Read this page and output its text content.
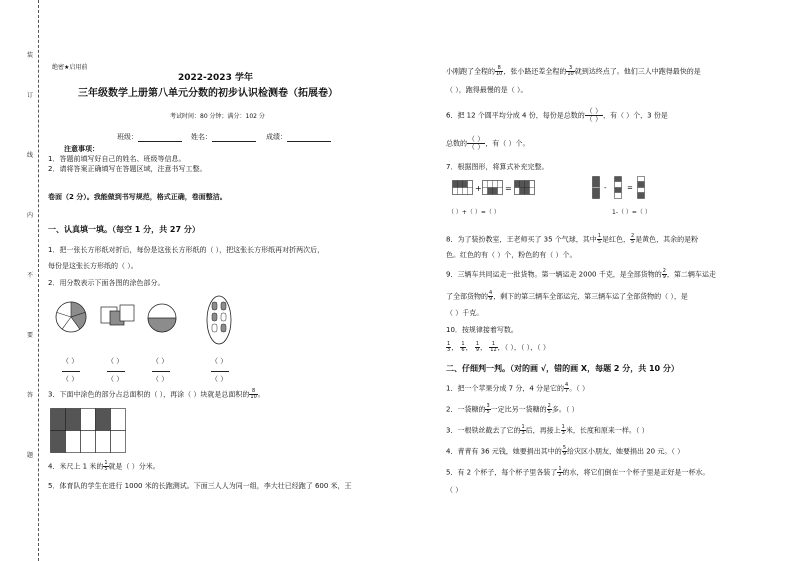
装
订
线
内
不
要
答
题
绝密★启用前
2022-2023 学年
三年级数学上册第八单元分数的初步认识检测卷（拓展卷）
考试时间：80 分钟；满分：102 分
班级：	姓名：	成绩：
注意事项：
1．答题前填写好自己的姓名、班级等信息。
2．请将答案正确填写在答题区域，注意书写工整。
卷面（2 分）。我能做到书写规范，格式正确，卷面整洁。
一、认真填一填。（每空 1 分，共 27 分）
1．把一张长方形纸对折后，每份是这张长方形纸的（ ），把这张长方形纸再对折两次后，
每份是这张长方形纸的（ ）。
2．用分数表示下面各图的涂色部分。
（ ）

（ ）
（ ）

（ ）
（ ）

（ ）
（ ）

（ ）
3．下面中涂色的部分占总面积的（ ），再涂（ ）块就是总面积的 $\frac{8}{10}$ 。
4．米尺上 1 米的 $\frac{1}{5}$ 就是（ ）分米。
5．体育队的学生在进行 1000 米的长跑测试。下面三人人为同一组，李大壮已经跑了 600 米，王
小刚跑了全程的 $\frac{8}{10}$ ，张小路还差全程的 $\frac{3}{10}$ 就到达终点了。他们三人中跑得最快的是
（ ），跑得最慢的是（ ）。
6．把 12 个圆平均分成 4 份，每份是总数的 $\frac{( )}{( )}$ ，有（ ）个，3 份是
总数的 $\frac{( )}{( )}$ ，有（ ）个。
7．根据图形，将算式补充完整。
+	=
（ ）+（ ）=（ ）
-	=
1-（ ）=（ ）
8．为了装扮教室，王老师买了 35 个气球，其中 $\frac{1}{5}$ 是红色， $\frac{2}{5}$ 是黄色，其余的是粉
色。红色的有（ ）个，粉色的有（ ）个。
9．三辆车共同运走一批货物。第一辆运走 2000 千克，是全部货物的 $\frac{2}{9}$ ，第二辆车运走
了全部货物的 $\frac{4}{9}$ ，剩下的第三辆车全部运完，第三辆车运了全部货物的（ ），是
（ ）千克。
10．按规律接着写数。
$\frac{1}{3}$ ， $\frac{1}{6}$ ， $\frac{1}{9}$ ， $\frac{1}{12}$ ，（ ），（ ），（ ）
二、仔细判一判。（对的画 √，错的画 X，每题 2 分，共 10 分）
1．把一个苹果分成 7 分，4 分是它的 $\frac{4}{7}$ 。（ ）
2．一袋糖的 $\frac{3}{5}$ 一定比另一袋糖的 $\frac{2}{5}$ 多。（ ）
3．一根铁丝截去了它的 $\frac{1}{3}$ 后，再接上 $\frac{1}{3}$ 米，长度和原来一样。（ ）
4．青青有 36 元钱，她要捐出其中的 $\frac{5}{9}$ 给灾区小朋友，她要捐出 20 元。（ ）
5．有 2 个杯子，每个杯子里各装了 $\frac{1}{2}$ 的水，将它们倒在一个杯子里是正好是一杯水。
（ ）
